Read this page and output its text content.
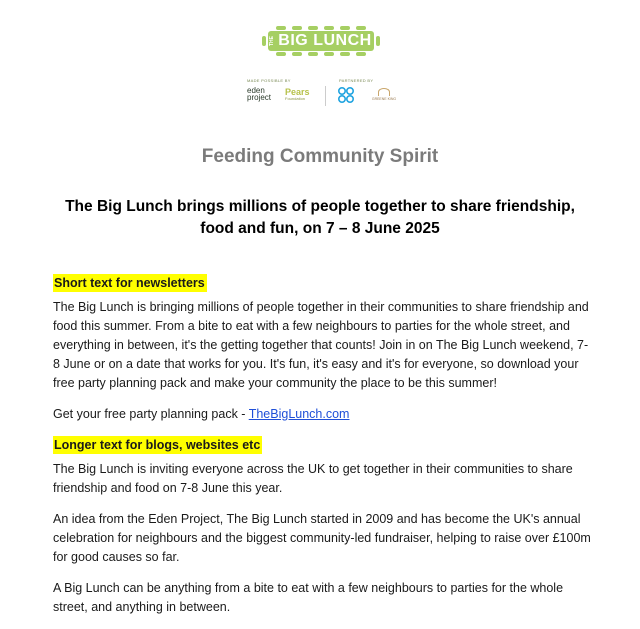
THE BIG LUNCH
MADE POSSIBLE BY	PARTNERED BY
eden
project
Pears
Foundation	GREENE KING
Feeding Community Spirit
The Big Lunch brings millions of people together to share friendship, food and fun, on 7 – 8 June 2025
Short text for newsletters

The Big Lunch is bringing millions of people together in their communities to share friendship and food this summer. From a bite to eat with a few neighbours to parties for the whole street, and everything in between, it's the getting together that counts! Join in on The Big Lunch weekend, 7-8 June or on a date that works for you. It's fun, it's easy and it's for everyone, so download your free party planning pack and make your community the place to be this summer!

Get your free party planning pack - TheBigLunch.com

Longer text for blogs, websites etc

The Big Lunch is inviting everyone across the UK to get together in their communities to share friendship and food on 7-8 June this year.

An idea from the Eden Project, The Big Lunch started in 2009 and has become the UK's annual celebration for neighbours and the biggest community-led fundraiser, helping to raise over £100m for good causes so far.

A Big Lunch can be anything from a bite to eat with a few neighbours to parties for the whole street, and anything in between.
